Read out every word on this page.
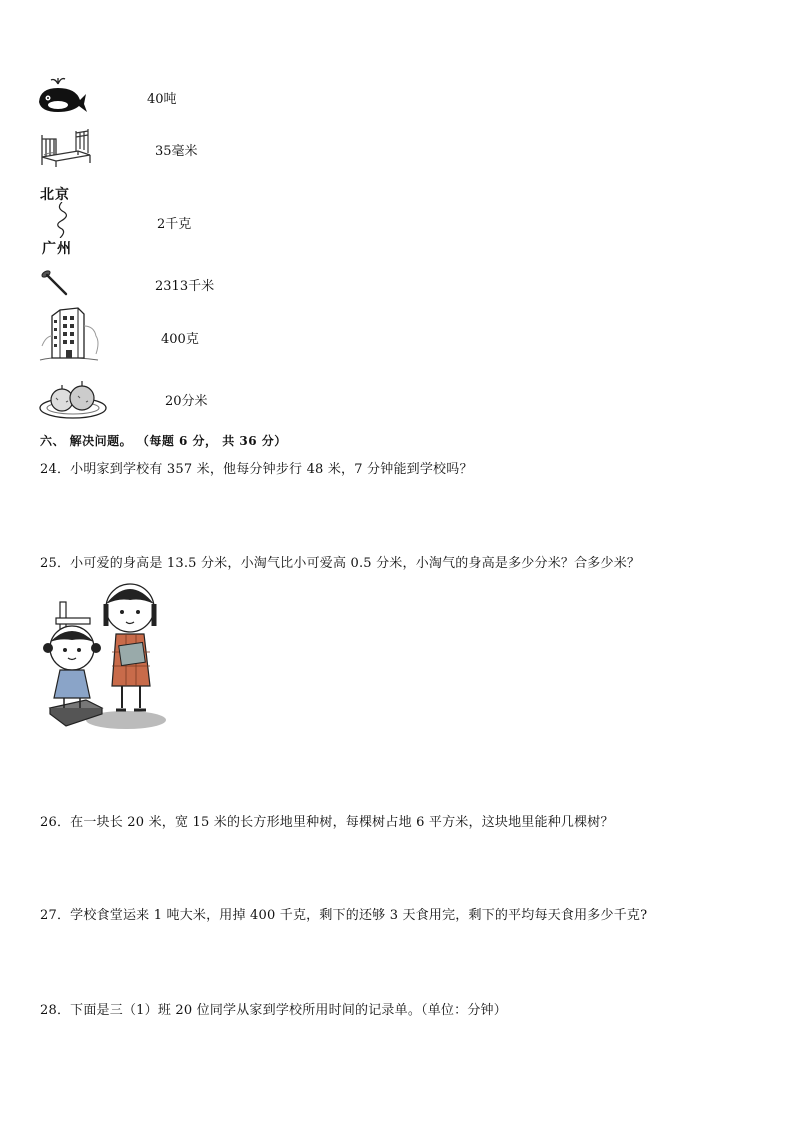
40吨
35毫米
北京
广州
2千克
2313千米
400克
20分米
六、 解决问题。 （每题 6 分， 共 36 分）
24．小明家到学校有 357 米，他每分钟步行 48 米，7 分钟能到学校吗？
25．小可爱的身高是 13.5 分米，小淘气比小可爱高 0.5 分米，小淘气的身高是多少分米？合多少米？
26．在一块长 20 米，宽 15 米的长方形地里种树，每棵树占地 6 平方米，这块地里能种几棵树？
27．学校食堂运来 1 吨大米，用掉 400 千克，剩下的还够 3 天食用完，剩下的平均每天食用多少千克?
28．下面是三（1）班 20 位同学从家到学校所用时间的记录单。（单位：分钟）
